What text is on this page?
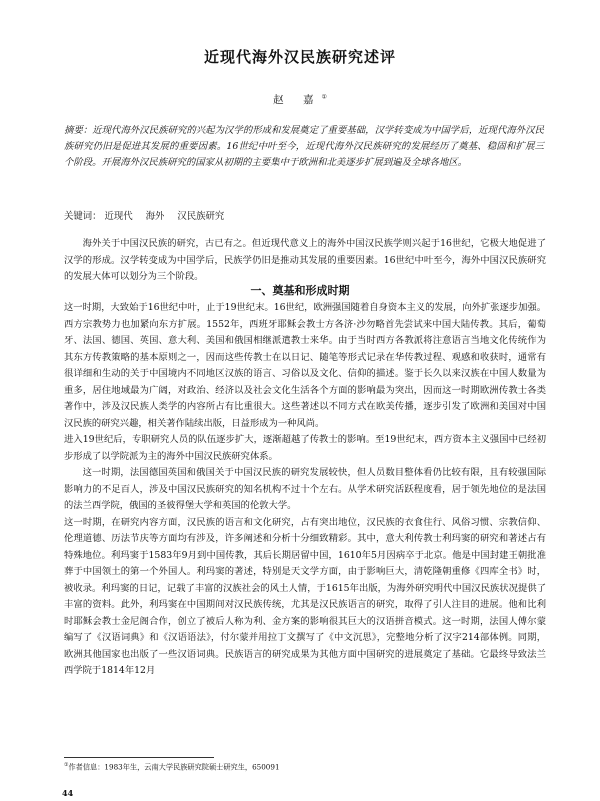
近现代海外汉民族研究述评
赵 嘉①
摘要：近现代海外汉民族研究的兴起为汉学的形成和发展奠定了重要基础，汉学转变成为中国学后，近现代海外汉民族研究仍旧是促进其发展的重要因素。16世纪中叶至今，近现代海外汉民族研究的发展经历了奠基、稳固和扩展三个阶段。开展海外汉民族研究的国家从初期的主要集中于欧洲和北美逐步扩展到遍及全球各地区。
关键词： 近现代 海外 汉民族研究

海外关于中国汉民族的研究，古已有之。但近现代意义上的海外中国汉民族学则兴起于16世纪，它极大地促进了汉学的形成。汉学转变成为中国学后，民族学仍旧是推动其发展的重要因素。16世纪中叶至今，海外中国汉民族研究的发展大体可以划分为三个阶段。

一、奠基和形成时期

这一时期，大致始于16世纪中叶，止于19世纪末。16世纪，欧洲强国随着自身资本主义的发展，向外扩张逐步加强。西方宗教势力也加紧向东方扩展。1552年，西班牙耶稣会教士方各济·沙勿略首先尝试来中国大陆传教。其后，葡萄牙、法国、德国、英国、意大利、美国和俄国相继派遣教士来华。由于当时西方各教派将注意语言当地文化传统作为其东方传教策略的基本原则之一，因而这些传教士在以日记、随笔等形式记录在华传教过程、观感和收获时，通常有很详细和生动的关于中国境内不同地区汉族的语言、习俗以及文化、信仰的描述。鉴于长久以来汉族在中国人数量为重多，居住地域最为广阔，对政治、经济以及社会文化生活各个方面的影响最为突出，因而这一时期欧洲传教士各类著作中，涉及汉民族人类学的内容所占有比重很大。这些著述以不同方式在欧美传播，逐步引发了欧洲和美国对中国汉民族的研究兴趣，相关著作陆续出版，日益形成为一种风尚。

进入19世纪后，专职研究人员的队伍逐步扩大，逐渐超越了传教士的影响。至19世纪末，西方资本主义强国中已经初步形成了以学院派为主的海外中国汉民族研究体系。

这一时期，法国德国英国和俄国关于中国汉民族的研究发展较快，但人员数目整体看仍比较有限，且有较强国际影响力的不足百人，涉及中国汉民族研究的知名机构不过十个左右。从学术研究活跃程度看，居于领先地位的是法国的法兰西学院，俄国的圣彼得堡大学和英国的伦敦大学。

这一时期，在研究内容方面，汉民族的语言和文化研究，占有突出地位，汉民族的衣食住行、风俗习惯、宗教信仰、伦理道德、历法节庆等方面均有涉及，许多阐述和分析十分细致精彩。其中，意大利传教士利玛窦的研究和著述占有特殊地位。利玛窦于1583年9月到中国传教，其后长期居留中国，1610年5月因病卒于北京。他是中国封建王朝批准葬于中国领土的第一个外国人。利玛窦的著述，特别是天文学方面，由于影响巨大，清乾隆朝重修《四库全书》时，被收录。利玛窦的日记，记载了丰富的汉族社会的风土人情，于1615年出版，为海外研究明代中国汉民族状况提供了丰富的资料。此外，利玛窦在中国期间对汉民族传统，尤其是汉民族语言的研究，取得了引人注目的进展。他和比利时耶稣会教士金尼阁合作，创立了被后人称为利、金方案的影响很其巨大的汉语拼音模式。这一时期，法国人傅尔蒙编写了《汉语词典》和《汉语语法》，付尔蒙并用拉丁文撰写了《中文沉思》，完整地分析了汉字214部体例。同期，欧洲其他国家也出版了一些汉语词典。民族语言的研究成果为其他方面中国研究的进展奠定了基础。它最终导致法兰西学院于1814年12月

①作者信息：1983年生，云南大学民族研究院硕士研究生，650091
44
